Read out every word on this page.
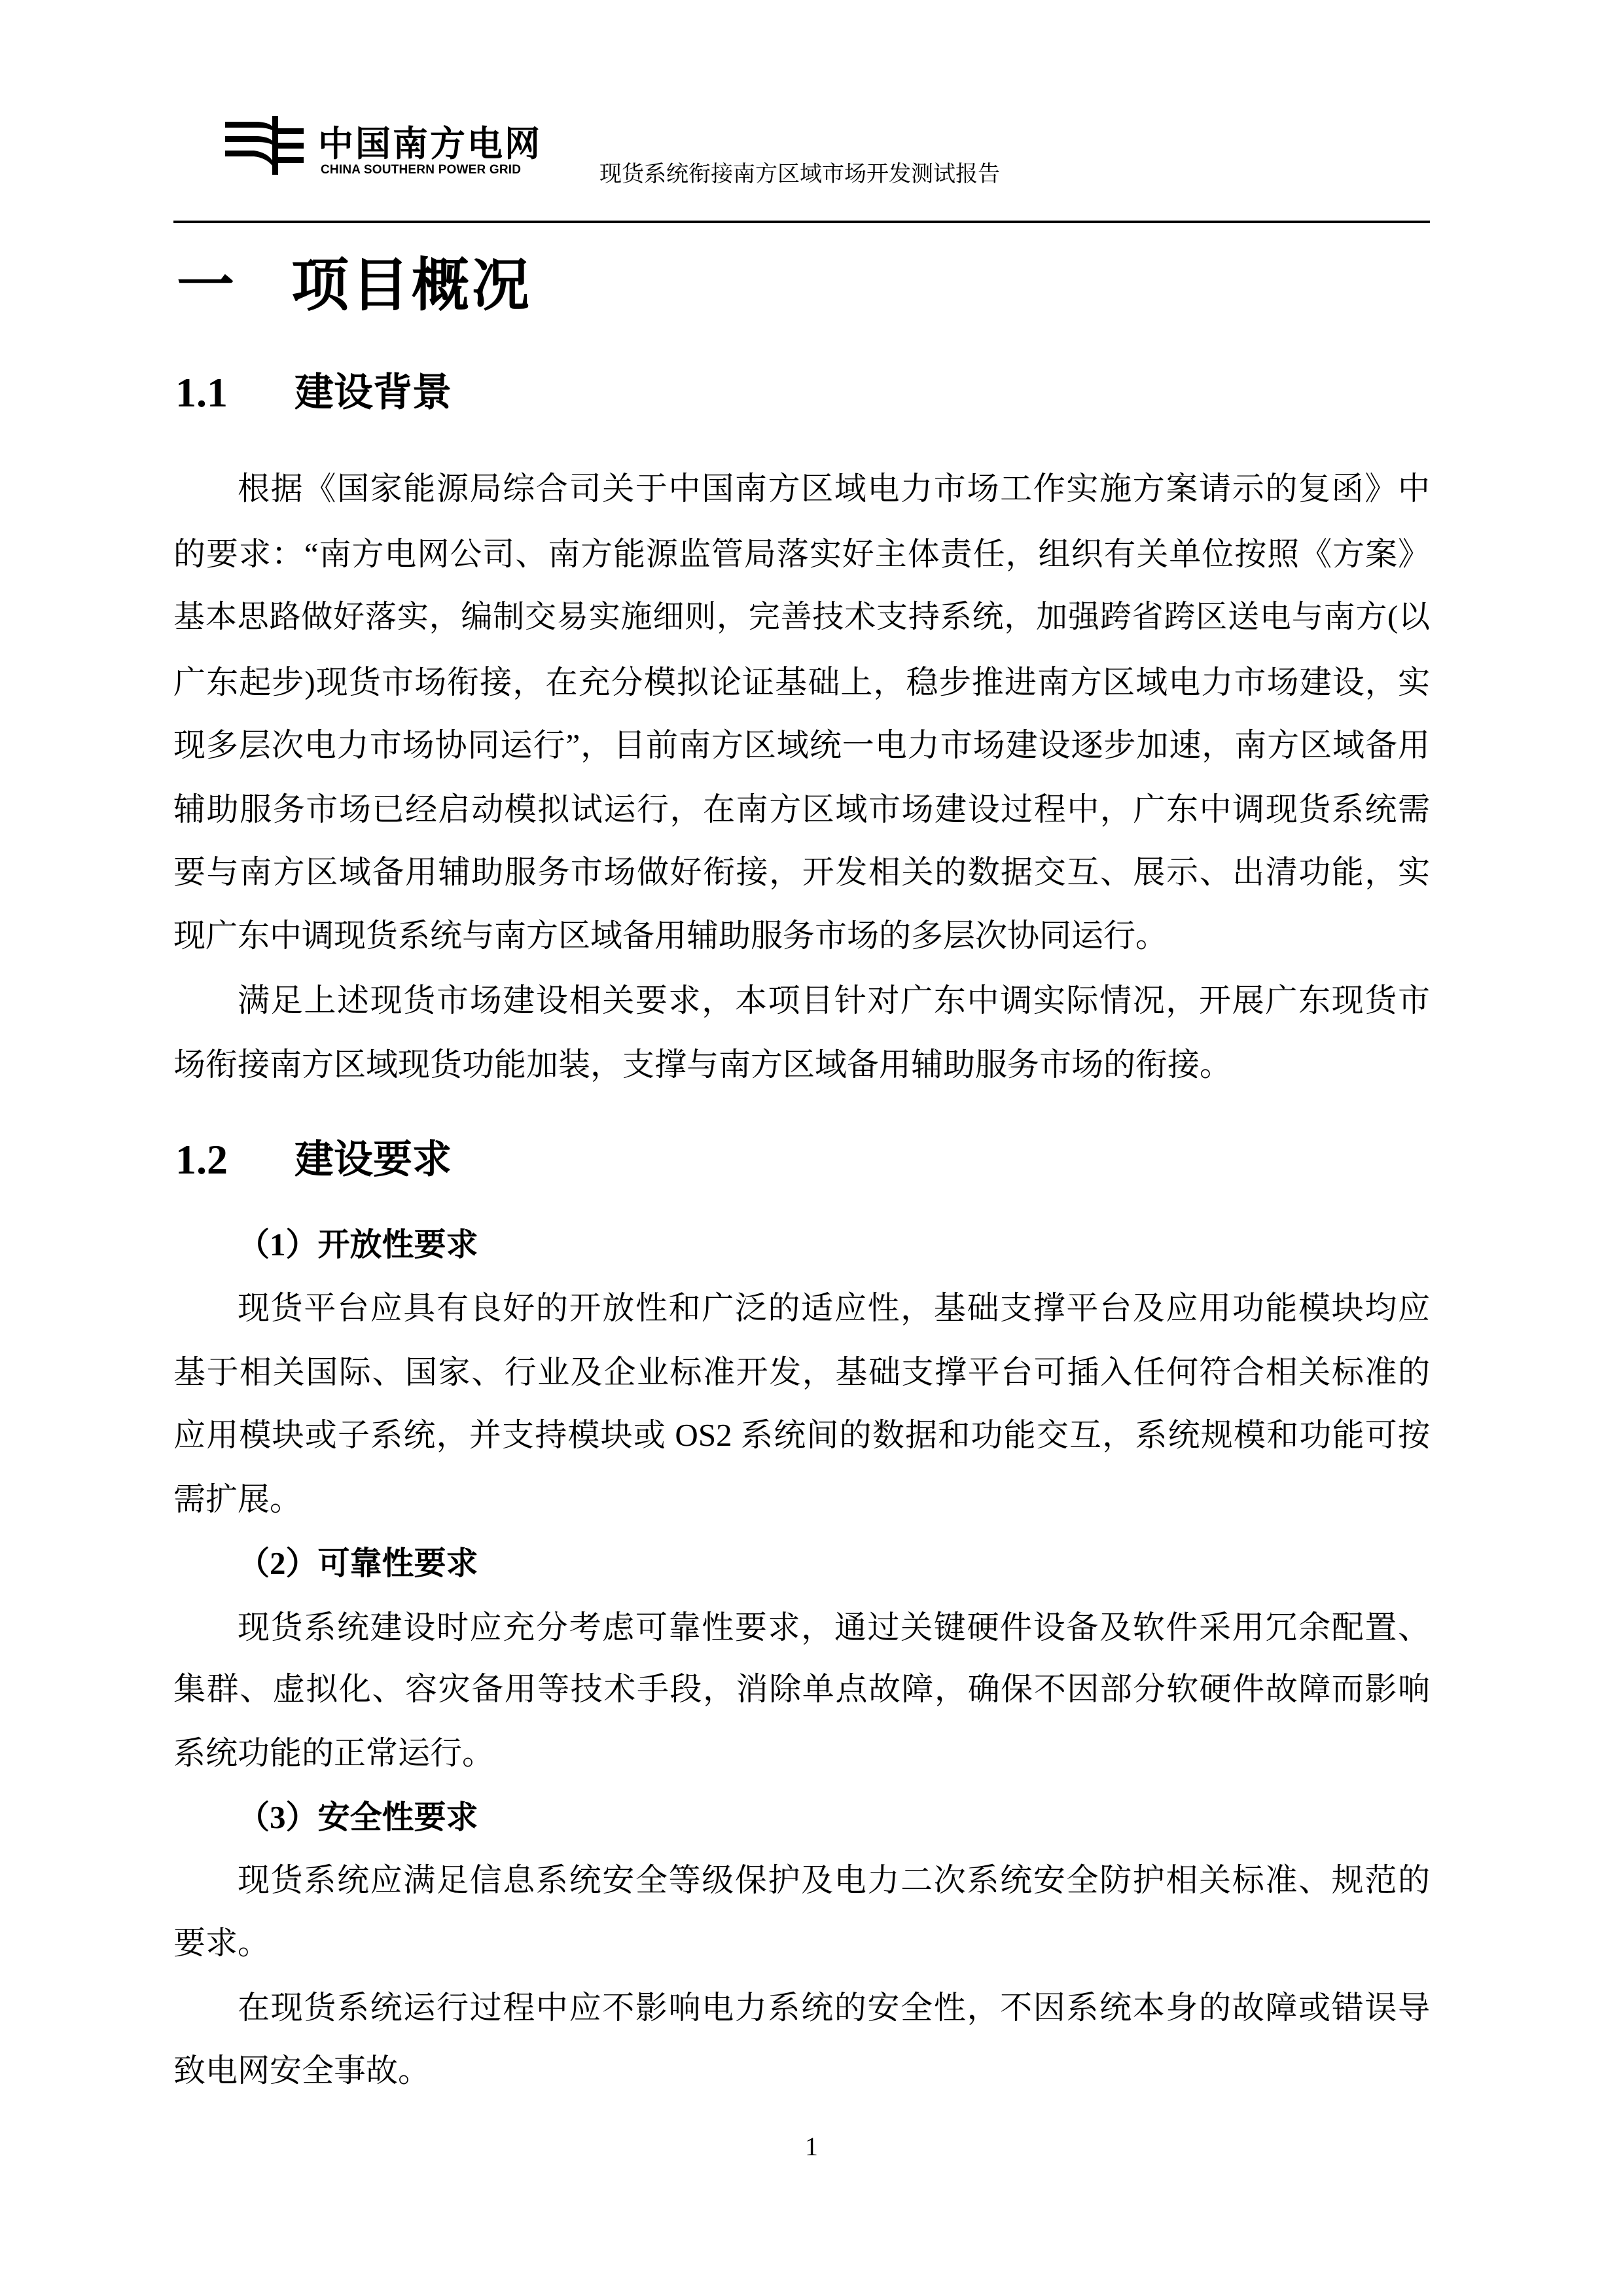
中国南方电网
CHINA SOUTHERN POWER GRID	现货系统衔接南方区域市场开发测试报告
一 项目概况
1.1 建设背景
根据《国家能源局综合司关于中国南方区域电力市场工作实施方案请示的复函》中
的要求：“南方电网公司、南方能源监管局落实好主体责任，组织有关单位按照《方案》
基本思路做好落实，编制交易实施细则，完善技术支持系统，加强跨省跨区送电与南方(以
广东起步)现货市场衔接，在充分模拟论证基础上，稳步推进南方区域电力市场建设，实
现多层次电力市场协同运行”，目前南方区域统一电力市场建设逐步加速，南方区域备用
辅助服务市场已经启动模拟试运行，在南方区域市场建设过程中，广东中调现货系统需
要与南方区域备用辅助服务市场做好衔接，开发相关的数据交互、展示、出清功能，实
现广东中调现货系统与南方区域备用辅助服务市场的多层次协同运行。
满足上述现货市场建设相关要求，本项目针对广东中调实际情况，开展广东现货市
场衔接南方区域现货功能加装，支撑与南方区域备用辅助服务市场的衔接。
1.2 建设要求
（1）开放性要求
现货平台应具有良好的开放性和广泛的适应性，基础支撑平台及应用功能模块均应
基于相关国际、国家、行业及企业标准开发，基础支撑平台可插入任何符合相关标准的
应用模块或子系统，并支持模块或 OS2 系统间的数据和功能交互，系统规模和功能可按
需扩展。
（2）可靠性要求
现货系统建设时应充分考虑可靠性要求，通过关键硬件设备及软件采用冗余配置、
集群、虚拟化、容灾备用等技术手段，消除单点故障，确保不因部分软硬件故障而影响
系统功能的正常运行。
（3）安全性要求
现货系统应满足信息系统安全等级保护及电力二次系统安全防护相关标准、规范的
要求。
在现货系统运行过程中应不影响电力系统的安全性，不因系统本身的故障或错误导
致电网安全事故。
1
